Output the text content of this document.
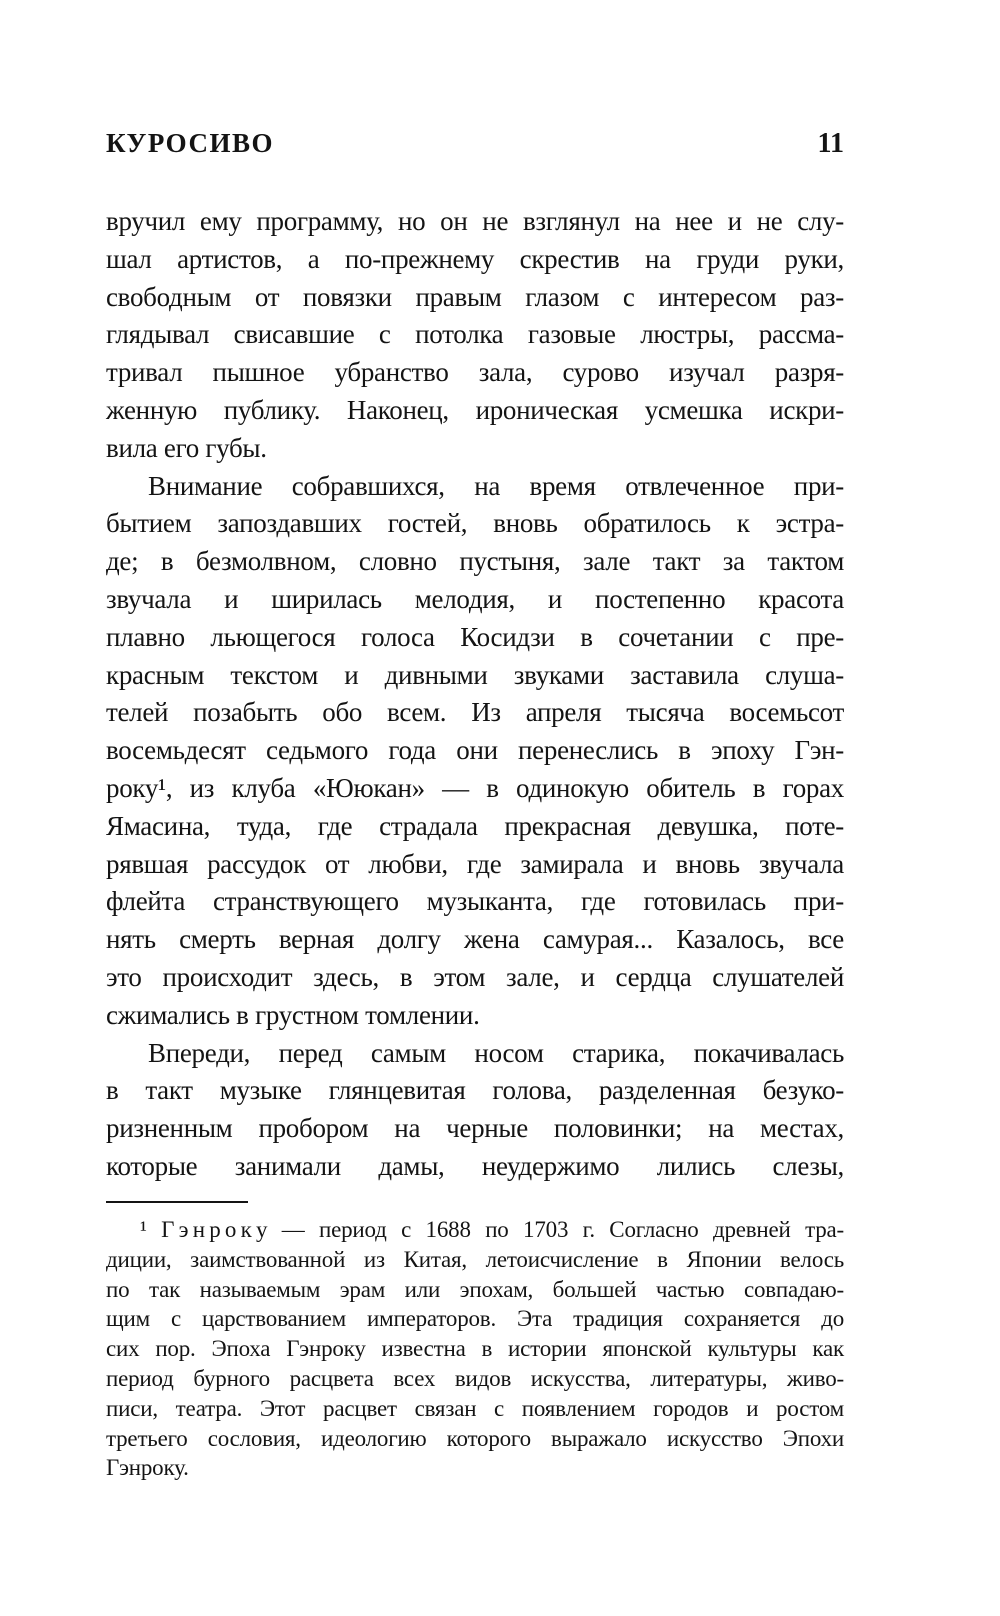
КУРОСИВО	11
вручил ему программу, но он не взглянул на нее и не слу-
шал артистов, а по-прежнему скрестив на груди руки,
свободным от повязки правым глазом с интересом раз-
глядывал свисавшие с потолка газовые люстры, рассма-
тривал пышное убранство зала, сурово изучал разря-
женную публику. Наконец, ироническая усмешка искри-
вила его губы.
Внимание собравшихся, на время отвлеченное при-
бытием запоздавших гостей, вновь обратилось к эстра-
де; в безмолвном, словно пустыня, зале такт за тактом
звучала и ширилась мелодия, и постепенно красота
плавно льющегося голоса Косидзи в сочетании с пре-
красным текстом и дивными звуками заставила слуша-
телей позабыть обо всем. Из апреля тысяча восемьсот
восемьдесят седьмого года они перенеслись в эпоху Гэн-
року¹, из клуба «Ююкан» — в одинокую обитель в горах
Ямасина, туда, где страдала прекрасная девушка, поте-
рявшая рассудок от любви, где замирала и вновь звучала
флейта странствующего музыканта, где готовилась при-
нять смерть верная долгу жена самурая... Казалось, все
это происходит здесь, в этом зале, и сердца слушателей
сжимались в грустном томлении.
Впереди, перед самым носом старика, покачивалась
в такт музыке глянцевитая голова, разделенная безуко-
ризненным пробором на черные половинки; на местах,
которые занимали дамы, неудержимо лились слезы,
¹ Г э н р о к у — период с 1688 по 1703 г. Согласно древней тра-
диции, заимствованной из Китая, летоисчисление в Японии велось
по так называемым эрам или эпохам, большей частью совпадаю-
щим с царствованием императоров. Эта традиция сохраняется до
сих пор. Эпоха Гэнроку известна в истории японской культуры как
период бурного расцвета всех видов искусства, литературы, живо-
писи, театра. Этот расцвет связан с появлением городов и ростом
третьего сословия, идеологию которого выражало искусство Эпохи
Гэнроку.
